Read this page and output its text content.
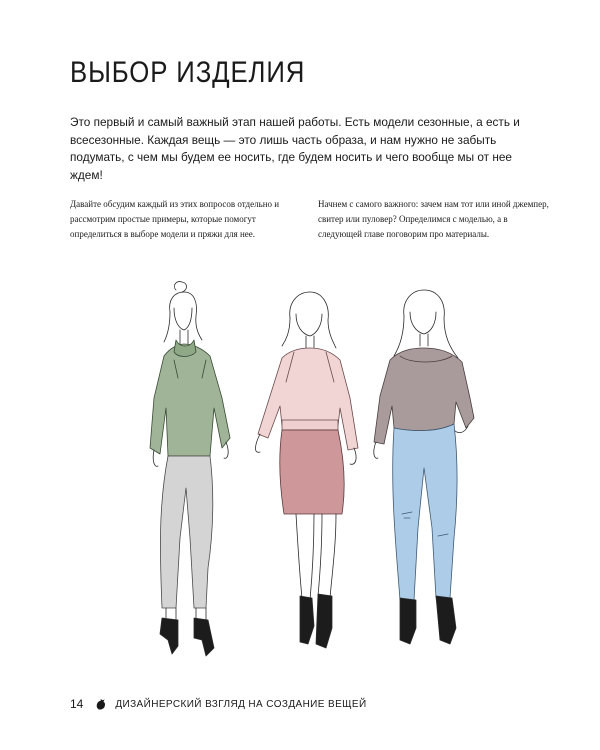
ВЫБОР ИЗДЕЛИЯ

Это первый и самый важный этап нашей работы. Есть модели сезонные, а есть и всесезонные. Каждая вещь — это лишь часть образа, и нам нужно не забыть подумать, с чем мы будем ее носить, где будем носить и чего вообще мы от нее ждем!

Давайте обсудим каждый из этих вопросов отдельно и рассмотрим простые примеры, которые помогут определиться в выборе модели и пряжи для нее.

Начнем с самого важного: зачем нам тот или иной джемпер, свитер или пуловер? Определимся с моделью, а в следующей главе поговорим про материалы.

14	ДИЗАЙНЕРСКИЙ ВЗГЛЯД НА СОЗДАНИЕ ВЕЩЕЙ
